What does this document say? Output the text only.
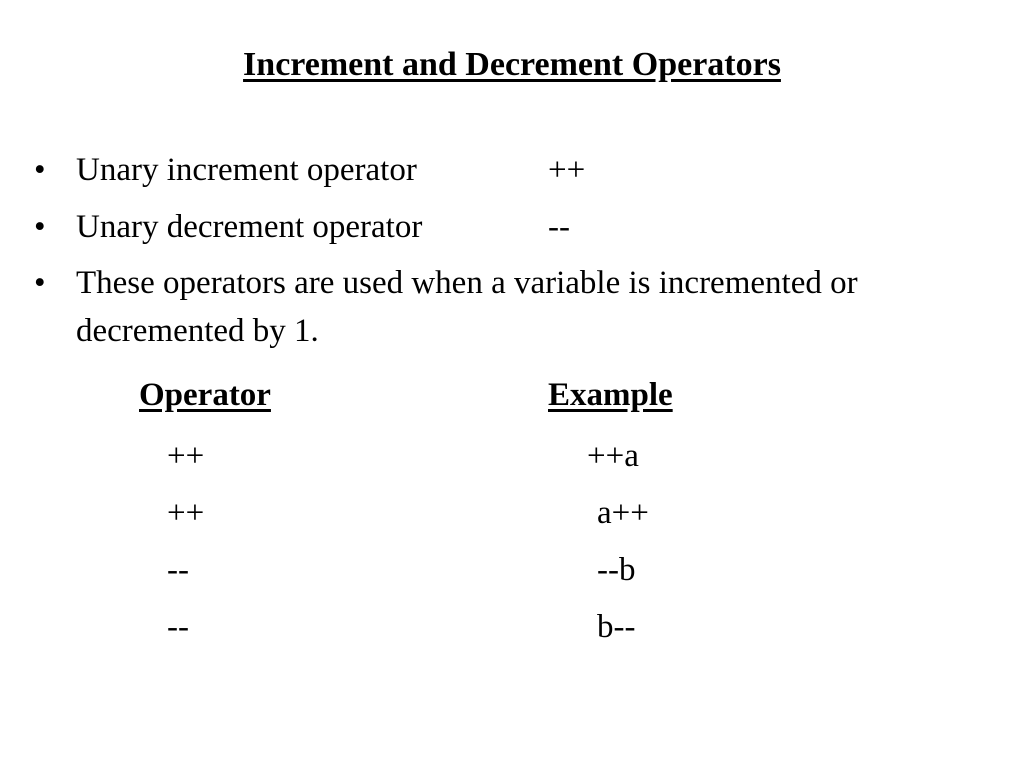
Increment and Decrement Operators
• Unary increment operator	++
• Unary decrement operator	--
• These operators are used when a variable is incremented or decremented by 1.
Operator	Example
++	++a
++	a++
--	--b
--	b--
